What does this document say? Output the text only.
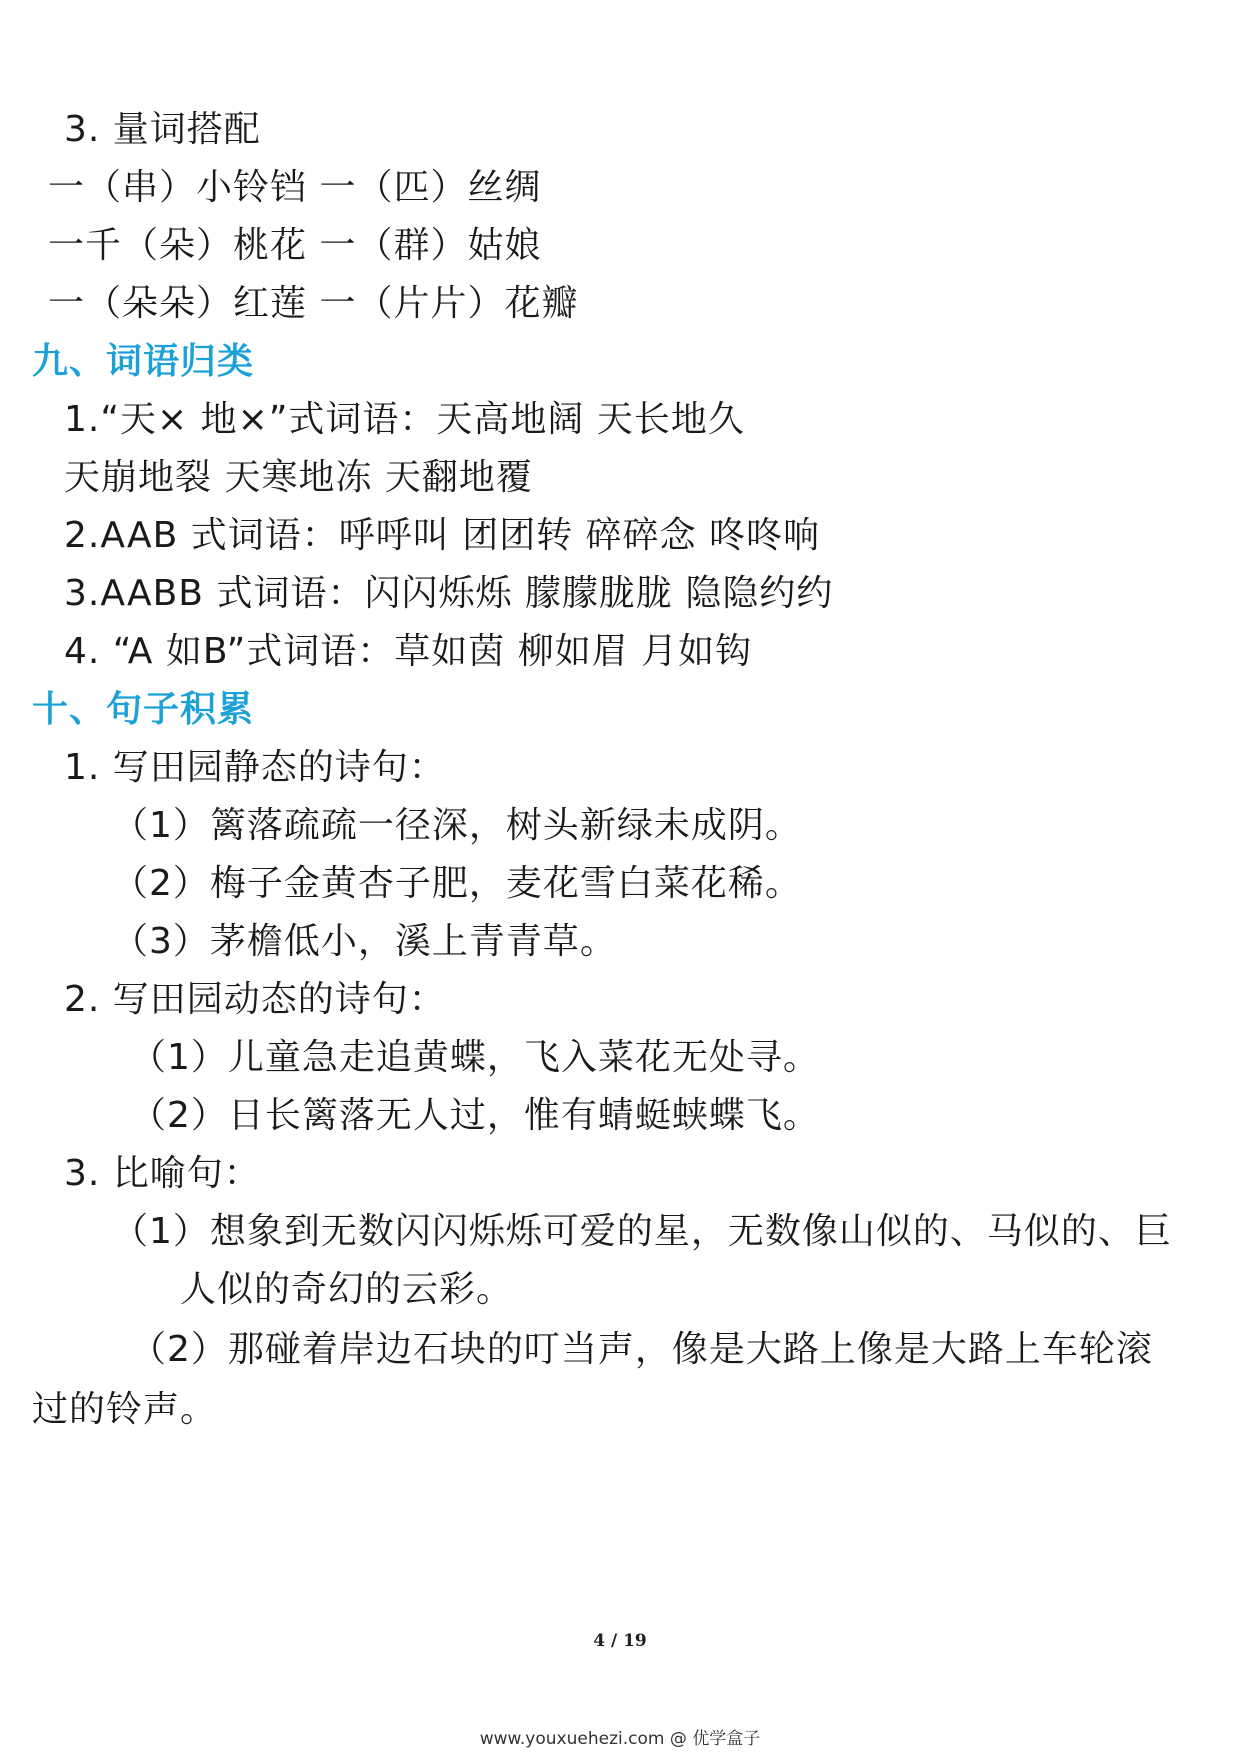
3. 量词搭配
一（串）小铃铛 一（匹）丝绸
一千（朵）桃花 一（群）姑娘
一（朵朵）红莲 一（片片）花瓣
九、词语归类
1.“天× 地×”式词语：天高地阔 天长地久
天崩地裂 天寒地冻 天翻地覆
2.AAB 式词语：呼呼叫 团团转 碎碎念 咚咚响
3.AABB 式词语：闪闪烁烁 朦朦胧胧 隐隐约约
4. “A 如B”式词语：草如茵 柳如眉 月如钩
十、句子积累
1. 写田园静态的诗句：
（1）篱落疏疏一径深，树头新绿未成阴。
（2）梅子金黄杏子肥，麦花雪白菜花稀。
（3）茅檐低小，溪上青青草。
2. 写田园动态的诗句：
（1）儿童急走追黄蝶，飞入菜花无处寻。
（2）日长篱落无人过，惟有蜻蜓蛱蝶飞。
3. 比喻句：
（1）想象到无数闪闪烁烁可爱的星，无数像山似的、马似的、巨
人似的奇幻的云彩。
（2）那碰着岸边石块的叮当声，像是大路上像是大路上车轮滚
过的铃声。
4 / 19
www.youxuehezi.com @ 优学盒子
